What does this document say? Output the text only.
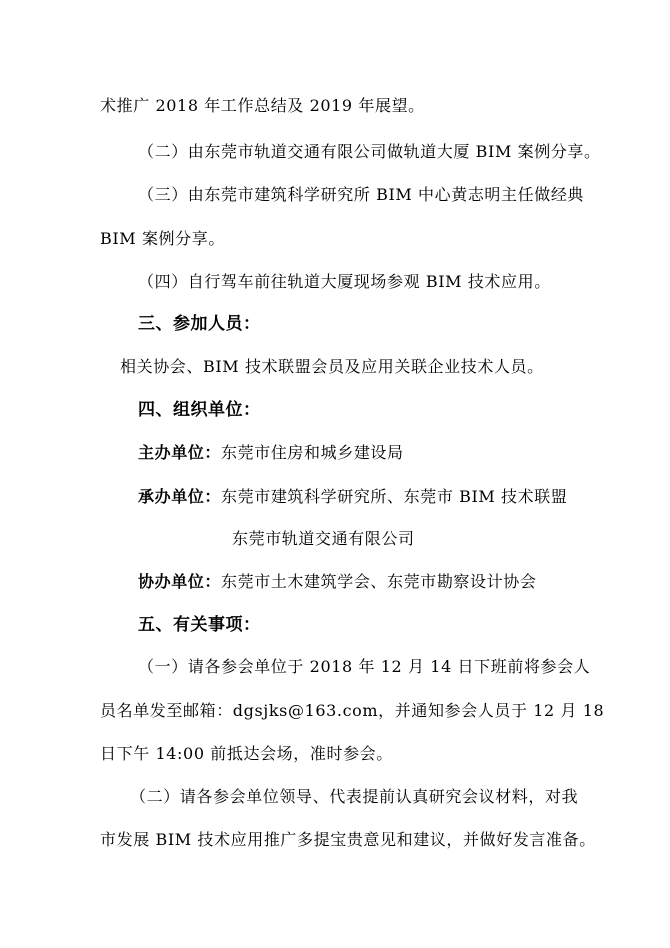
术推广 2018 年工作总结及 2019 年展望。
（二）由东莞市轨道交通有限公司做轨道大厦 BIM 案例分享。
（三）由东莞市建筑科学研究所 BIM 中心黄志明主任做经典
BIM 案例分享。
（四）自行驾车前往轨道大厦现场参观 BIM 技术应用。
三、参加人员：
相关协会、BIM 技术联盟会员及应用关联企业技术人员。
四、组织单位：
主办单位：东莞市住房和城乡建设局
承办单位：东莞市建筑科学研究所、东莞市 BIM 技术联盟
东莞市轨道交通有限公司
协办单位：东莞市土木建筑学会、东莞市勘察设计协会
五、有关事项：
（一）请各参会单位于 2018 年 12 月 14 日下班前将参会人
员名单发至邮箱：dgsjks@163.com，并通知参会人员于 12 月 18
日下午 14:00 前抵达会场，准时参会。
（二）请各参会单位领导、代表提前认真研究会议材料，对我
市发展 BIM 技术应用推广多提宝贵意见和建议，并做好发言准备。
